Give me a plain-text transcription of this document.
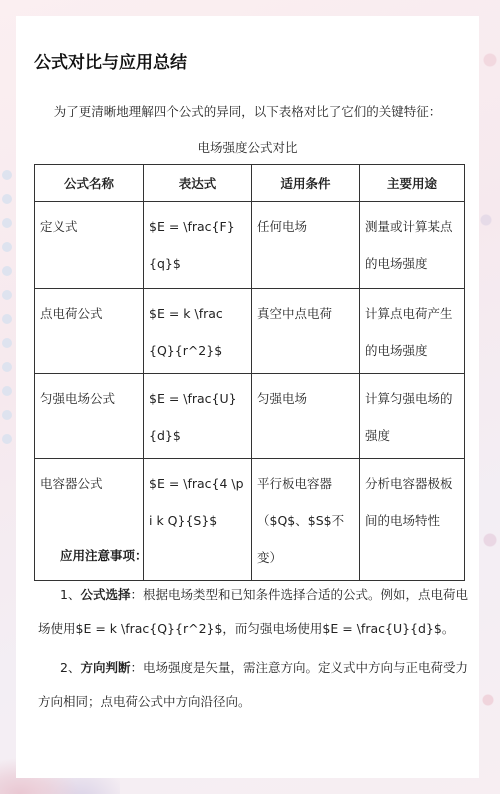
公式对比与应用总结
为了更清晰地理解四个公式的异同，以下表格对比了它们的关键特征：
电场强度公式对比
公式名称	表达式	适用条件	主要用途
定义式	$E = \frac{F}{q}$	任何电场	测量或计算某点的电场强度
点电荷公式	$E = k \frac{Q}{r^2}$	真空中点电荷	计算点电荷产生的电场强度
匀强电场公式	$E = \frac{U}{d}$	匀强电场	计算匀强电场的强度
电容器公式	$E = \frac{4 \pi k Q}{S}$	平行板电容器（$Q$、$S$不变）	分析电容器极板间的电场特性
应用注意事项：
1、公式选择：根据电场类型和已知条件选择合适的公式。例如，点电荷电场使用$E = k \frac{Q}{r^2}$，而匀强电场使用$E = \frac{U}{d}$。
2、方向判断：电场强度是矢量，需注意方向。定义式中方向与正电荷受力方向相同；点电荷公式中方向沿径向。
